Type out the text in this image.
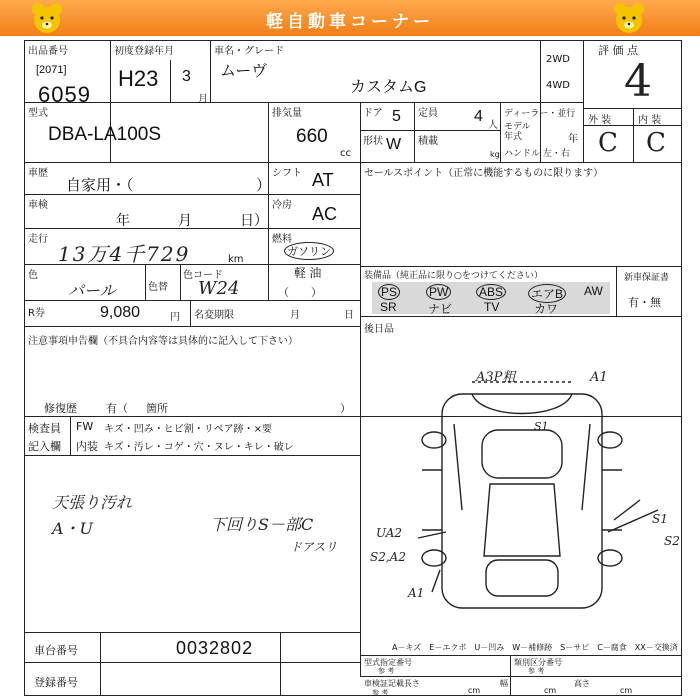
軽自動車コーナー
出品番号
[2071]
6059
初度登録年月
H23 3
月
車名・グレード
ムーヴ
カスタムG
2WD
4WD
評 価 点
4
外 装	内 装
C C
型式
DBA-LA100S
排気量
660
cc
ドア 5 定員 4
人
形状 W 積載
kg
ディーラー・並行
モデル 年式	年
ハンドル 左・右
車歴
自家用・（	）
シフト AT
車検
年	月	日）
冷房 AC
走行
13万4千729	km
燃料
ガソリン
軽 油
（　　）
色
パール	色替
色コード
W24
R券	9,080	円 名変期限	月	日
注意事項申告欄（不具合内容等は具体的に記入して下さい）
修復歴	有（ 箇所	）
セールスポイント（正常に機能するものに限ります）
装備品（純正品に限り○をつけてください）	新車保証書
有・無
PS	PW	ABS エアB AW
SR	ナビ	TV	カワ
後日品
検査員
記入欄
FW キズ・凹み・ヒビ割・リペア跡・×要
内装 キズ・汚レ・コゲ・穴・ヌレ・キレ・破レ
天張り汚れ
A・U	下回りS－部C
ドアスリ
A3P粗	A1
S1
S1
S2
UA2
S2,A2
A1
A－キズ　E－エクボ　U－凹み　W－補修跡　S－サビ　C－腐食　XX－交換済
車台番号	0032802
登録番号
型式指定番号
参 考
類別区分番号
参 考
車検証記載
参 考
長さ
cm
幅
cm
高さ
cm
